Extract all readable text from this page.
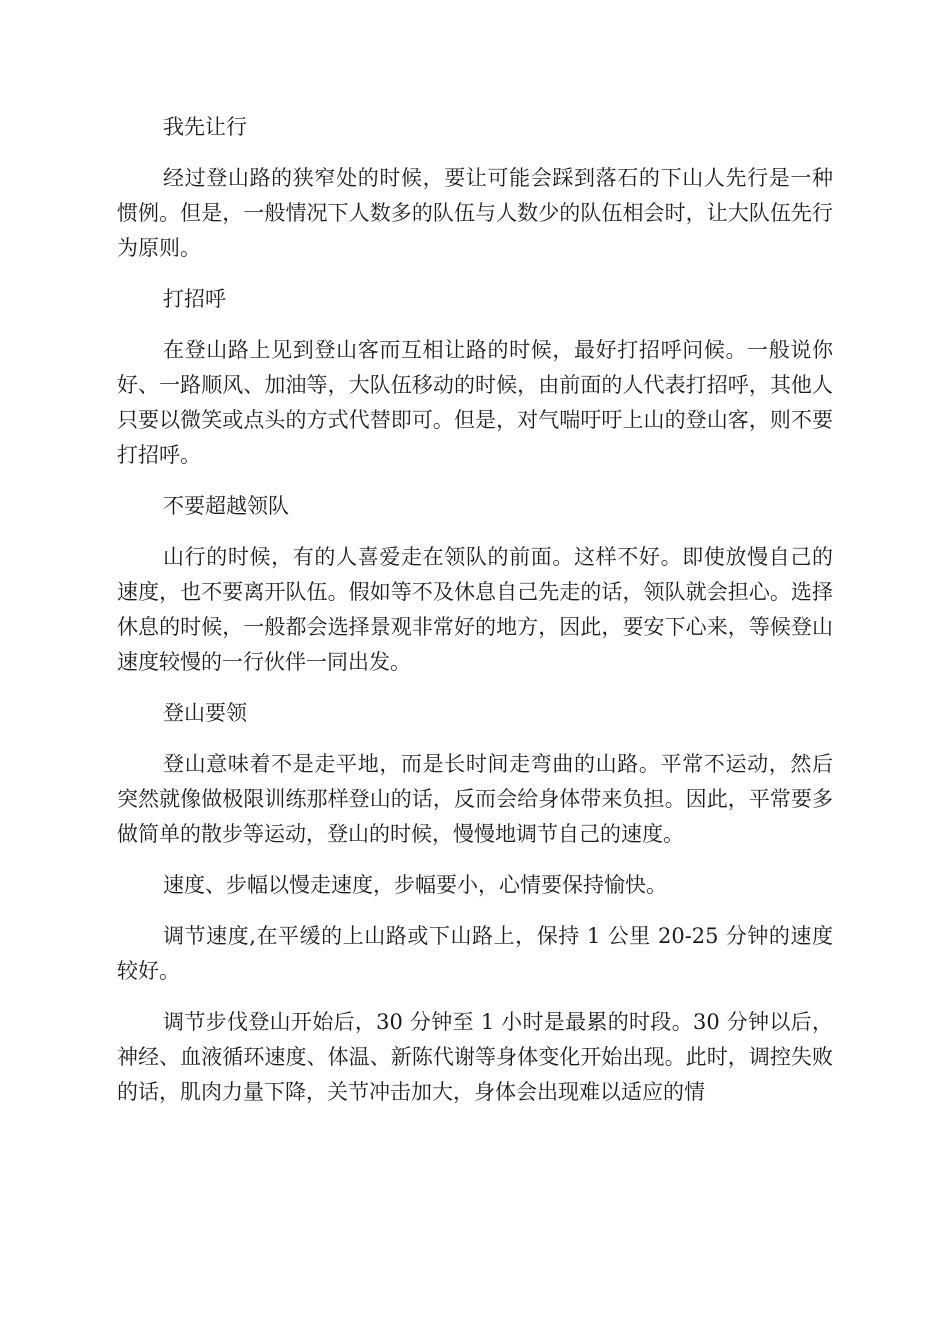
我先让行

经过登山路的狭窄处的时候，要让可能会踩到落石的下山人先行是一种惯例。但是，一般情况下人数多的队伍与人数少的队伍相会时，让大队伍先行为原则。

打招呼

在登山路上见到登山客而互相让路的时候，最好打招呼问候。一般说你好、一路顺风、加油等，大队伍移动的时候，由前面的人代表打招呼，其他人只要以微笑或点头的方式代替即可。但是，对气喘吁吁上山的登山客，则不要打招呼。

不要超越领队

山行的时候，有的人喜爱走在领队的前面。这样不好。即使放慢自己的速度，也不要离开队伍。假如等不及休息自己先走的话，领队就会担心。选择休息的时候，一般都会选择景观非常好的地方，因此，要安下心来，等候登山速度较慢的一行伙伴一同出发。

登山要领

登山意味着不是走平地，而是长时间走弯曲的山路。平常不运动，然后突然就像做极限训练那样登山的话，反而会给身体带来负担。因此，平常要多做简单的散步等运动，登山的时候，慢慢地调节自己的速度。

速度、步幅以慢走速度，步幅要小，心情要保持愉快。

调节速度,在平缓的上山路或下山路上，保持 1 公里 20-25 分钟的速度较好。

调节步伐登山开始后，30 分钟至 1 小时是最累的时段。30 分钟以后，神经、血液循环速度、体温、新陈代谢等身体变化开始出现。此时，调控失败的话，肌肉力量下降，关节冲击加大，身体会出现难以适应的情
